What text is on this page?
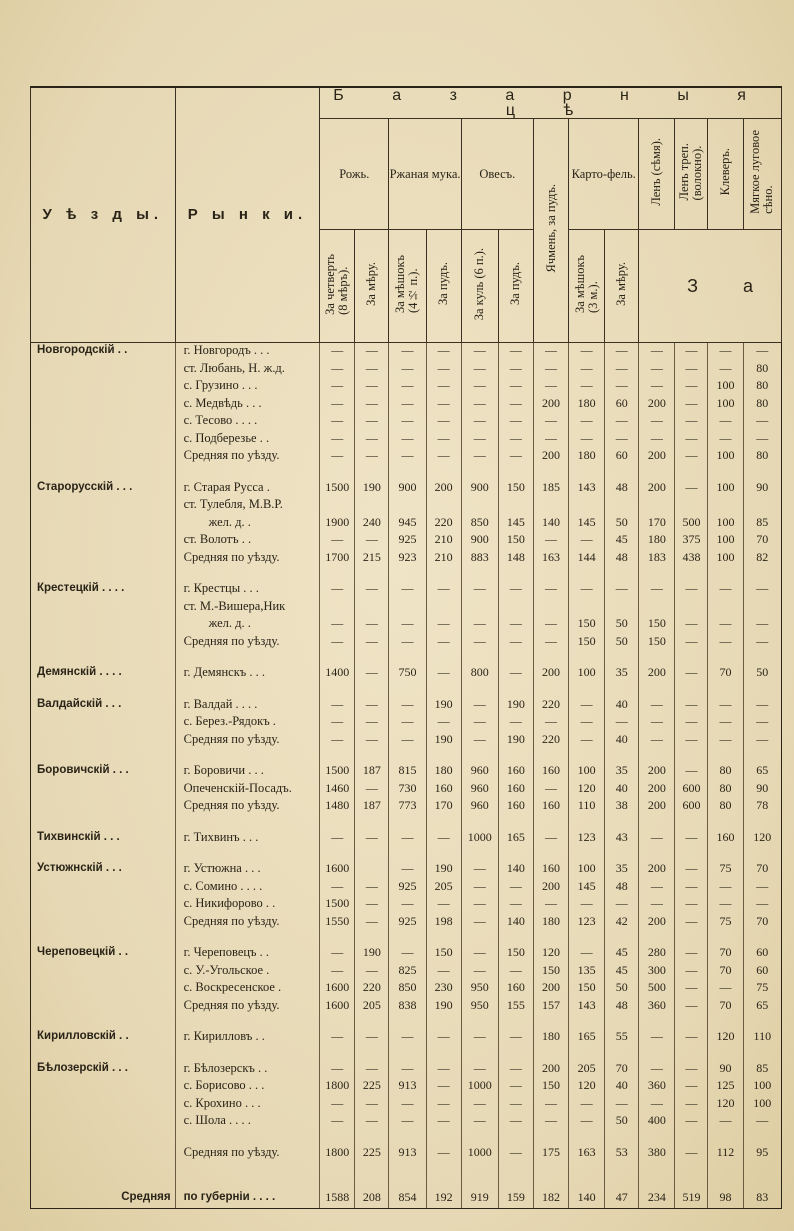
У ѣ з д ы.	Р ы н к и.	Б а з а р н ы я ц ѣ												
		Рожь.		Ржаная мука.		Овесъ.		Ячмень, за пудъ.	Карто-фель.		Ленъ (сѣмя).	Ленъ треп.
(волокно).	Клеверъ.	Мягкое луговое
сѣно.
		За четверть
(8 мѣръ).	За мѣру.	За мѣшокъ
(4½ п.).	За пудъ.	За куль (6 п.).	За пудъ.		За мѣшокъ
(3 м.).	За мѣру.	З а			
Новгородскій . .	г. Новгородъ . . .	—	—	—	—	—	—	—	—	—	—	—	—	—
	ст. Любань, Н. ж.д.	—	—	—	—	—	—	—	—	—	—	—	—	80
	с. Грузино . . .	—	—	—	—	—	—	—	—	—	—	—	100	80
	с. Медвѣдь . . .	—	—	—	—	—	—	200	180	60	200	—	100	80
	с. Тесово . . . .	—	—	—	—	—	—	—	—	—	—	—	—	—
	с. Подберезье . .	—	—	—	—	—	—	—	—	—	—	—	—	—
	Средняя по уѣзду.	—	—	—	—	—	—	200	180	60	200	—	100	80

Старорусскій . . .	г. Старая Русса .	1500	190	900	200	900	150	185	143	48	200	—	100	90
	ст. Тулебля, М.В.Р.													
	жел. д. .	1900	240	945	220	850	145	140	145	50	170	500	100	85
	ст. Волотъ . .	—	—	925	210	900	150	—	—	45	180	375	100	70
	Средняя по уѣзду.	1700	215	923	210	883	148	163	144	48	183	438	100	82

Крестецкій . . . .	г. Крестцы . . .	—	—	—	—	—	—	—	—	—	—	—	—	—
	ст. М.-Вишера,Ник													
	жел. д. .	—	—	—	—	—	—	—	150	50	150	—	—	—
	Средняя по уѣзду.	—	—	—	—	—	—	—	150	50	150	—	—	—

Демянскій . . . .	г. Демянскъ . . .	1400	—	750	—	800	—	200	100	35	200	—	70	50

Валдайскій . . .	г. Валдай . . . .	—	—	—	190	—	190	220	—	40	—	—	—	—
	с. Берез.-Рядокъ .	—	—	—	—	—	—	—	—	—	—	—	—	—
	Средняя по уѣзду.	—	—	—	190	—	190	220	—	40	—	—	—	—

Боровичскій . . .	г. Боровичи . . .	1500	187	815	180	960	160	160	100	35	200	—	80	65
	Опеченскій-Посадъ.	1460	—	730	160	960	160	—	120	40	200	600	80	90
	Средняя по уѣзду.	1480	187	773	170	960	160	160	110	38	200	600	80	78

Тихвинскій . . .	г. Тихвинъ . . .	—	—	—	—	1000	165	—	123	43	—	—	160	120

Устюжнскій . . .	г. Устюжна . . .	1600		—	190	—	140	160	100	35	200	—	75	70
	с. Сомино . . . .	—	—	925	205	—	—	200	145	48	—	—	—	—
	с. Никифорово . .	1500	—	—	—	—	—	—	—	—	—	—	—	—
	Средняя по уѣзду.	1550	—	925	198	—	140	180	123	42	200	—	75	70

Череповецкій . .	г. Череповецъ . .	—	190	—	150	—	150	120	—	45	280	—	70	60
	с. У.-Угольское .	—	—	825	—	—	—	150	135	45	300	—	70	60
	с. Воскресенское .	1600	220	850	230	950	160	200	150	50	500	—	—	75
	Средняя по уѣзду.	1600	205	838	190	950	155	157	143	48	360	—	70	65

Кирилловскій . .	г. Кирилловъ . .	—	—	—	—	—	—	180	165	55	—	—	120	110

Бѣлозерскій . . .	г. Бѣлозерскъ . .	—	—	—	—	—	—	200	205	70	—	—	90	85
	с. Борисово . . .	1800	225	913	—	1000	—	150	120	40	360	—	125	100
	с. Крохино . . .	—	—	—	—	—	—	—	—	—	—	—	120	100
	с. Шола . . . .	—	—	—	—	—	—	—	—	50	400	—	—	—

	Средняя по уѣзду.	1800	225	913	—	1000	—	175	163	53	380	—	112	95

Средняя	по губерніи . . . .	1588	208	854	192	919	159	182	140	47	234	519	98	83
